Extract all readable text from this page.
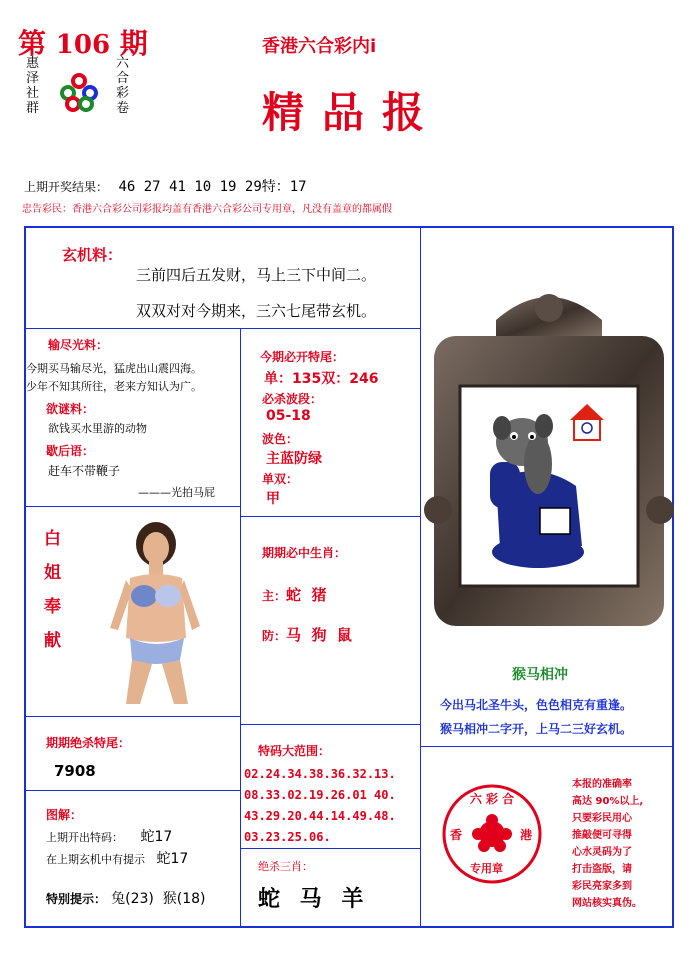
第 106 期
惠泽社群
六合彩卷
香港六合彩内i
精品报
上期开奖结果： 46 27 41 10 19 29特：17
忠告彩民：香港六合彩公司彩报均盖有香港六合彩公司专用章，凡没有盖章的都属假
玄机料：
三前四后五发财，马上三下中间二。
双双对对今期来，三六七尾带玄机。
输尽光料：
今期买马输尽光，猛虎出山震四海。
少年不知其所往，老来方知认为广。
欲谜料：
欲钱买水里游的动物
歇后语：
赶车不带鞭子
———光拍马屁
白
姐
奉
献
今期必开特尾：
单：135双：246
必杀波段：
05-18
波色：
主蓝防绿
单双：
甲
期期必中生肖：
主：蛇  猪
防：马  狗  鼠
猴马相冲
今出马北圣牛头，色色相克有重逢。
猴马相冲二字开，上马二三好玄机。
期期绝杀特尾：
7908
图解：
上期开出特码： 蛇17
在上期玄机中有提示 蛇17
特别提示： 兔(23)  猴(18)
特码大范围：
02.24.34.38.36.32.13.
08.33.02.19.26.01 40.
43.29.20.44.14.49.48.
03.23.25.06.
绝杀三肖：
蛇 马 羊
六 彩 合
香	港
专用章
本报的准确率
高达 90%以上,
只要彩民用心
推敲便可寻得
心水灵码为了
打击盗版，请
彩民亮家多到
网站核实真伪。
